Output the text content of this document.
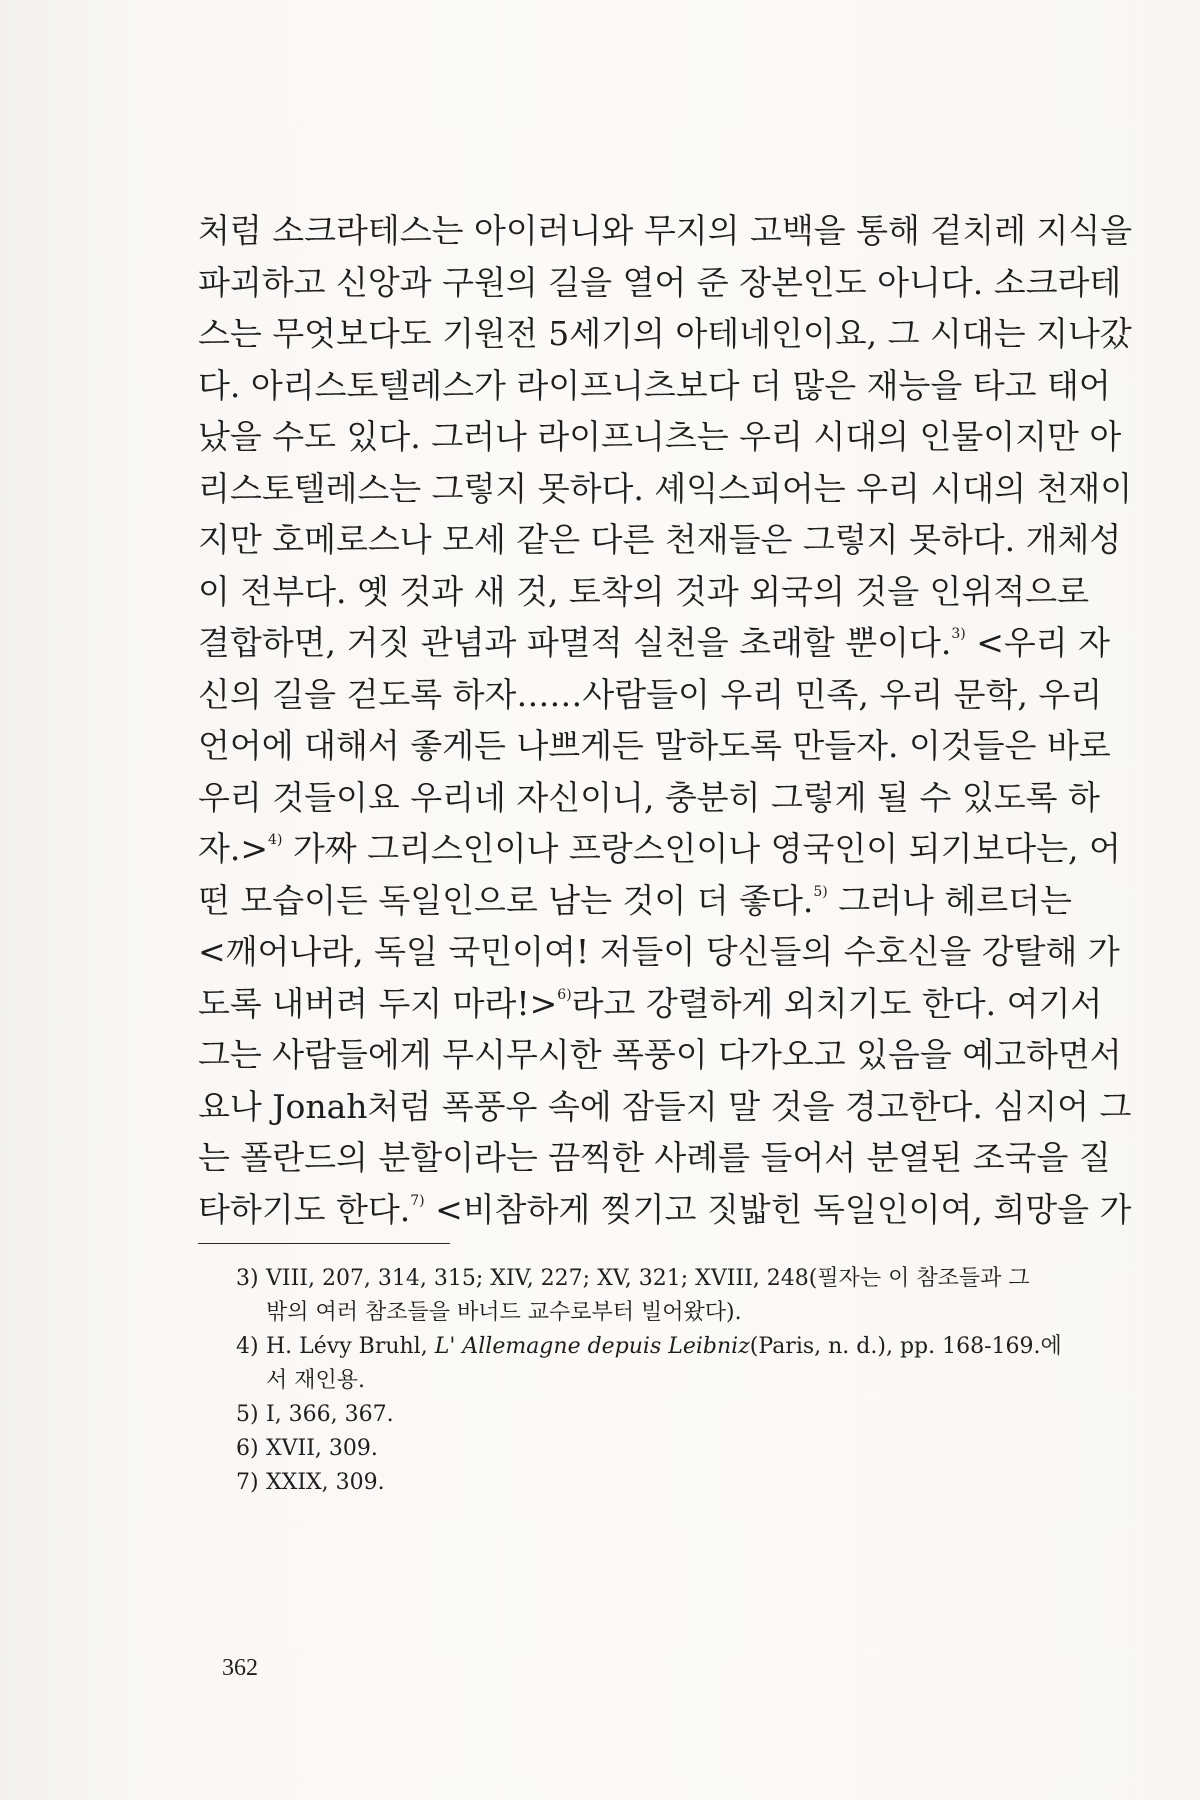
처럼 소크라테스는 아이러니와 무지의 고백을 통해 겉치레 지식을
파괴하고 신앙과 구원의 길을 열어 준 장본인도 아니다. 소크라테
스는 무엇보다도 기원전 5세기의 아테네인이요, 그 시대는 지나갔
다. 아리스토텔레스가 라이프니츠보다 더 많은 재능을 타고 태어
났을 수도 있다. 그러나 라이프니츠는 우리 시대의 인물이지만 아
리스토텔레스는 그렇지 못하다. 셰익스피어는 우리 시대의 천재이
지만 호메로스나 모세 같은 다른 천재들은 그렇지 못하다. 개체성
이 전부다. 옛 것과 새 것, 토착의 것과 외국의 것을 인위적으로
결합하면, 거짓 관념과 파멸적 실천을 초래할 뿐이다.$^{3)}$ <우리 자
신의 길을 걷도록 하자……사람들이 우리 민족, 우리 문학, 우리
언어에 대해서 좋게든 나쁘게든 말하도록 만들자. 이것들은 바로
우리 것들이요 우리네 자신이니, 충분히 그렇게 될 수 있도록 하
자.>$^{4)}$ 가짜 그리스인이나 프랑스인이나 영국인이 되기보다는, 어
떤 모습이든 독일인으로 남는 것이 더 좋다.$^{5)}$ 그러나 헤르더는
<깨어나라, 독일 국민이여! 저들이 당신들의 수호신을 강탈해 가
도록 내버려 두지 마라!>$^{6)}$라고 강렬하게 외치기도 한다. 여기서
그는 사람들에게 무시무시한 폭풍이 다가오고 있음을 예고하면서
요나 Jonah처럼 폭풍우 속에 잠들지 말 것을 경고한다. 심지어 그
는 폴란드의 분할이라는 끔찍한 사례를 들어서 분열된 조국을 질
타하기도 한다.$^{7)}$ <비참하게 찢기고 짓밟힌 독일인이여, 희망을 가
3) VIII, 207, 314, 315; XIV, 227; XV, 321; XVIII, 248(필자는 이 참조들과 그
밖의 여러 참조들을 바너드 교수로부터 빌어왔다).
4) H. Lévy Bruhl, L' Allemagne depuis Leibniz(Paris, n. d.), pp. 168-169.에
서 재인용.
5) I, 366, 367.
6) XVII, 309.
7) XXIX, 309.
362
